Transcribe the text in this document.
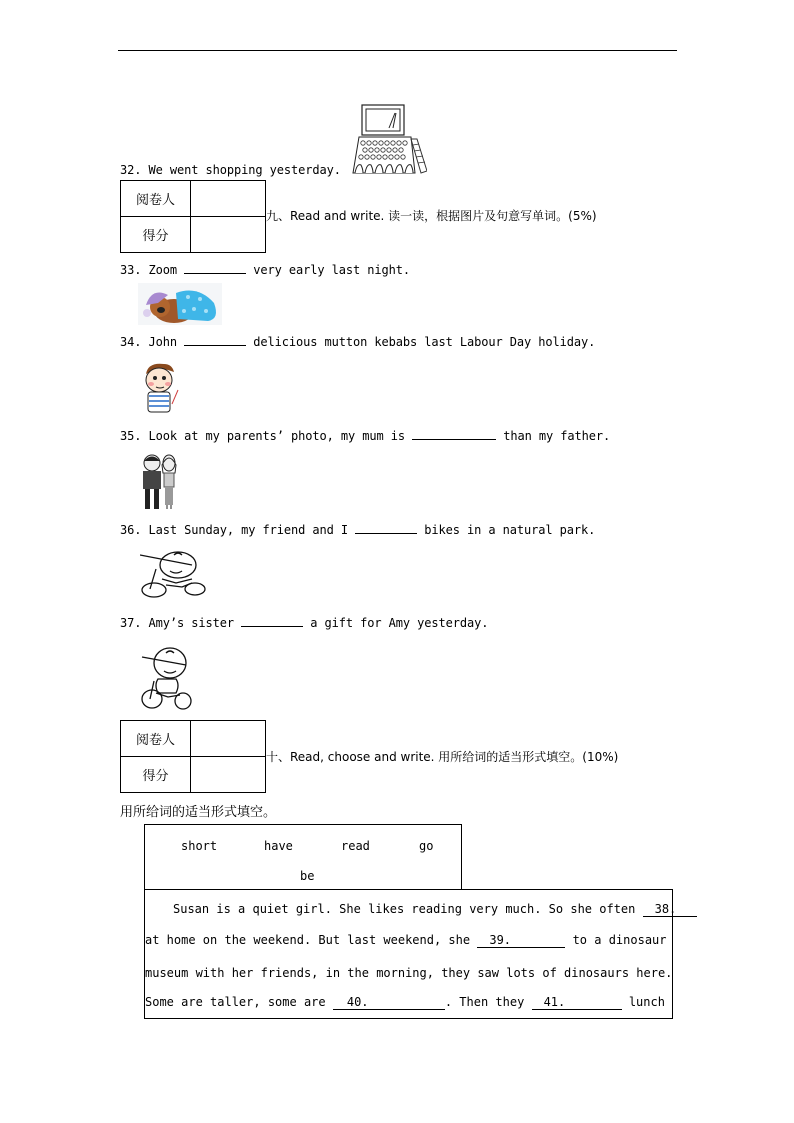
32. We went shopping yesterday.
阅卷人	
得分	
九、Read and write. 读一读，根据图片及句意写单词。(5%)
33. Zoom	very early last night.
34. John	delicious mutton kebabs last Labour Day holiday.
35. Look at my parents’ photo, my mum is	than my father.
36. Last Sunday, my friend and I	bikes in a natural park.
37. Amy’s sister	a gift for Amy yesterday.
阅卷人	
得分	
十、Read, choose and write. 用所给词的适当形式填空。(10%)
用所给词的适当形式填空。
short	have	read	go
be
Susan is a quiet girl. She likes reading very much. So she often 38.
at home on the weekend. But last weekend, she 39.	to a dinosaur
museum with her friends, in the morning, they saw lots of dinosaurs here.
Some are taller, some are 40.	. Then they 41.	lunch
